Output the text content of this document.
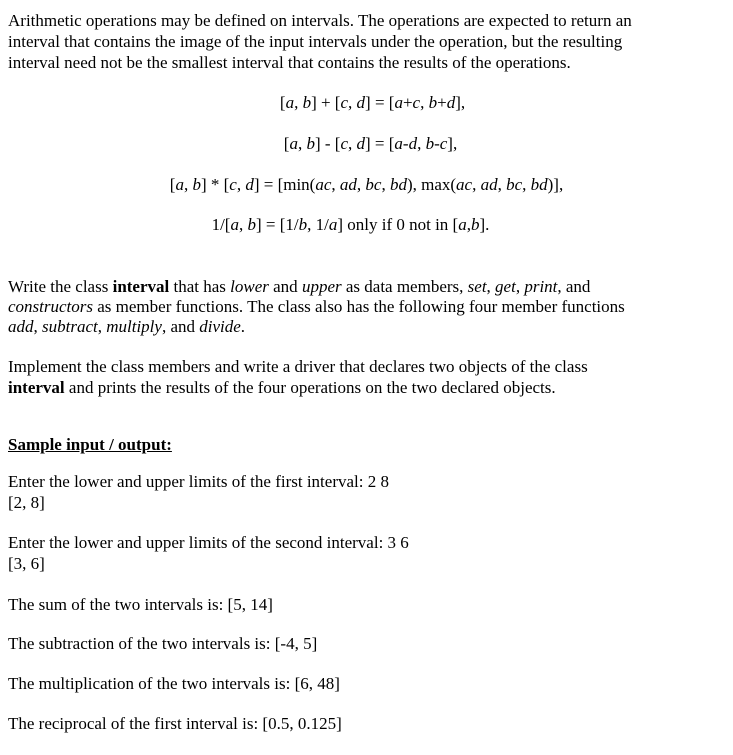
Arithmetic operations may be defined on intervals. The operations are expected to return an
interval that contains the image of the input intervals under the operation, but the resulting
interval need not be the smallest interval that contains the results of the operations.
[a, b] + [c, d] = [a+c, b+d],
[a, b] - [c, d] = [a-d, b-c],
[a, b] * [c, d] = [min(ac, ad, bc, bd), max(ac, ad, bc, bd)],
1/[a, b] = [1/b, 1/a] only if 0 not in [a,b].
Write the class interval that has lower and upper as data members, set, get, print, and
constructors as member functions. The class also has the following four member functions
add, subtract, multiply, and divide.
Implement the class members and write a driver that declares two objects of the class
interval and prints the results of the four operations on the two declared objects.
Sample input / output:
Enter the lower and upper limits of the first interval: 2 8
[2, 8]
Enter the lower and upper limits of the second interval: 3 6
[3, 6]
The sum of the two intervals is: [5, 14]
The subtraction of the two intervals is: [-4, 5]
The multiplication of the two intervals is: [6, 48]
The reciprocal of the first interval is: [0.5, 0.125]
